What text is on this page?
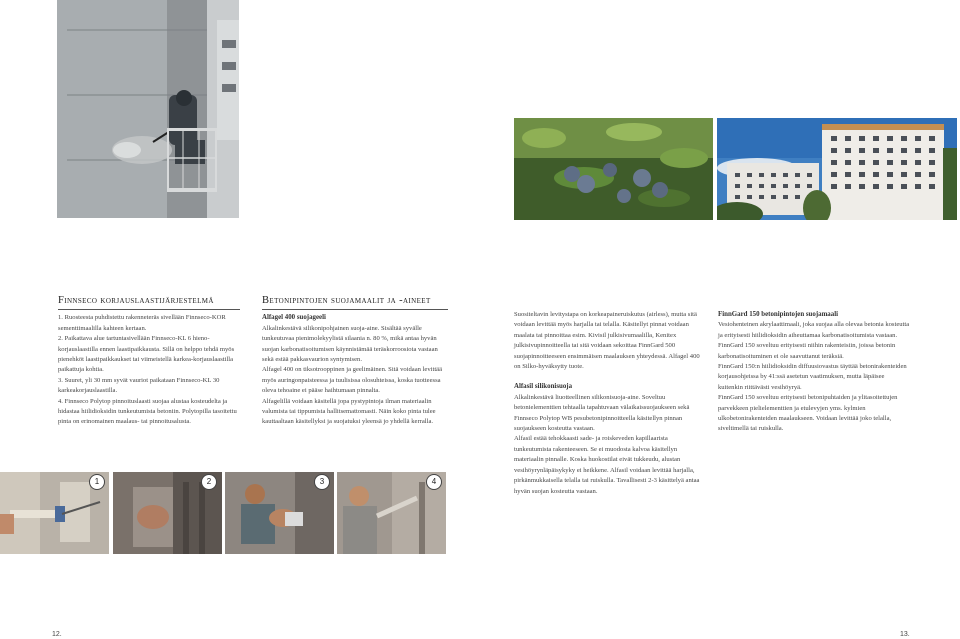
Finnseco korjauslaastijärjestelmä

1. Ruosteesta puhdistettu rakenneteräs sivellään Finnseco-KOR sementtimaalilla kahteen kertaan.

2. Paikattava alue tartuntasivellään Finnseco-KL 6 hieno-korjauslaastilla ennen laastipaikkausta. Sillä on helppo tehdä myös pienehköt laastipaikkaukset tai viimeistellä karkea-korjauslaastilla paikattuja kohtia.

3. Suuret, yli 30 mm syvät vauriot paikataan Finnseco-KL 30 karkeakorjauslaastilla.

4. Finnseco Polytop pinnoituslaasti suojaa alustaa kosteudelta ja hidastaa hiilidioksidin tunkeutumista betoniin. Polytopilla tasoitettu pinta on erinomainen maalaus- tai pinnoitusalusta.

Betonipintojen suojamaalit ja -aineet

Alfagel 400 suojageeli

Alkalinkestävä silikonipohjainen suoja-aine. Sisältää syvälle tunkeutuvaa pienimolekyylistä silaania n. 80 %, mikä antaa hyvän suojan karbonatisoitumisen käynnistämää teräskorroosiota vastaan sekä estää pakkasvaurion syntymisen.

Alfagel 400 on tiksotrooppinen ja geelimäinen. Sitä voidaan levittää myös auringonpaisteessa ja tuulisissa olosuhteissa, koska tuotteessa oleva tehoaine ei pääse haihtumaan pinnalta.

Alfagelillä voidaan käsitellä jopa pystypintoja ilman materiaalin valumista tai tippumista hallitsemattomasti. Näin koko pinta tulee kauttaaltaan käsitellyksi ja suojatuksi yleensä jo yhdellä kerralla.

1	2	3	4
12.

Suositeltavin levitystapa on korkeapaineruiskutus (airless), mutta sitä voidaan levittää myös harjalla tai telalla. Käsitellyt pinnat voidaan maalata tai pinnoittaa esim. Kivisil julkisivumaalilla, Kenitex julkisivupinnoitteella tai sitä voidaan sekoittaa FinnGard 500 suojapinnoitteeseen ensimmäisen maalauksen yhteydessä. Alfagel 400 on Silko-hyväksytty tuote.

Alfasil silikonisuoja

Alkalinkestävä liuotteellinen silikonisuoja-aine. Soveltuu betonielementtien tehtaalla tapahtuvaan välaikaissuojaukseen sekä Finnseco Polytop WB pesubetonipinnoitteella käsitellyn pinnan suojaukseen kosteutta vastaan.

Alfasil estää tehokkaasti sade- ja roiskeveden kapillaarista tunkeutumista rakenteeseen. Se ei muodosta kalvoa käsitellyn materiaalin pinnalle. Koska huokostilat eivät tukkeudu, alustan vesihöyrynläpäisykyky ei heikkene. Alfasil voidaan levittää harjalla, pirkänmukkaisella telalla tai ruiskulla. Tavallisesti 2-3 käsittelyä antaa hyvän suojan kosteutta vastaan.

FinnGard 150 betonipintojen suojamaali

Vesiohenteinen akrylaattimaali, joka suojaa alla olevaa betonia kosteutta ja erityisesti hiilidioksidin aiheuttamaa karbonatisoitumista vastaan. FinnGard 150 soveltuu erityisesti niihin rakenteisiin, joissa betonin karbonatisoituminen ei ole saavuttanut teräksiä.

FinnGard 150:n hiilidioksidin diffuusiovastus täyttää betonirakenteiden korjausohjeissa by 41:ssä asetetun vaatimuksen, mutta läpäisee kuitenkin riittävästi vesihöyryä.

FinnGard 150 soveltuu erityisesti betonipuhtaiden ja ylitasoitettujen parvekkeen pielielementtien ja etulevyjen yms. kylmien ulkobetonirakenteiden maalaukseen. Voidaan levittää joko telalla, siveltimellä tai ruiskulla.

13.
